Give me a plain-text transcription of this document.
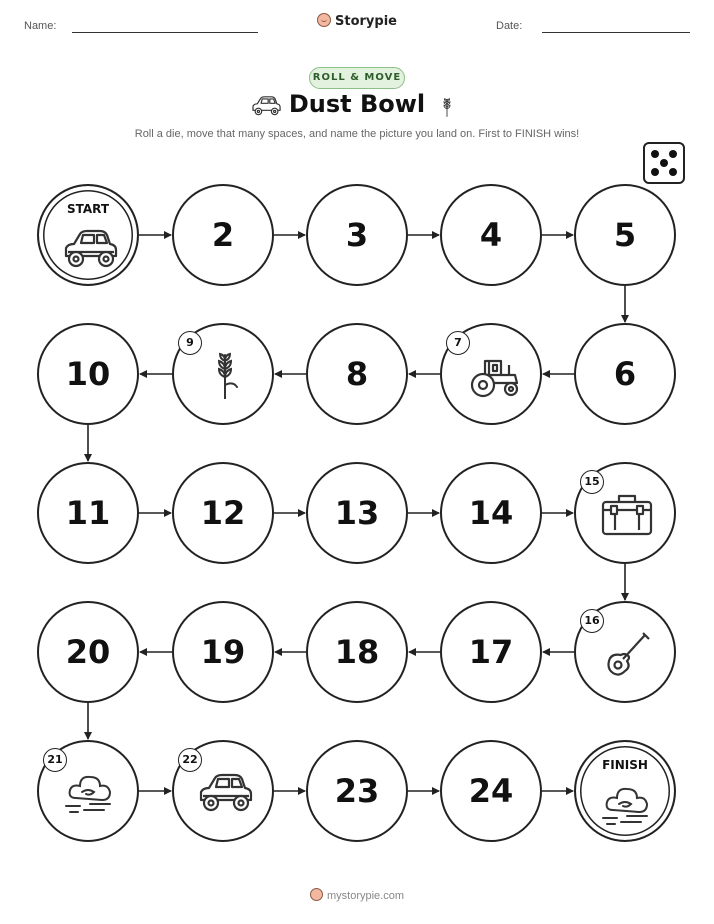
Name:	Date:
Storypie
ROLL & MOVE
Dust Bowl
Roll a die, move that many spaces, and name the picture you land on. First to FINISH wins!
START
2	3	4	5
6
7
8
9
10
11	12	13	14
15
16
17
18
19
20
21	22
23	24
FINISH
mystorypie.com
